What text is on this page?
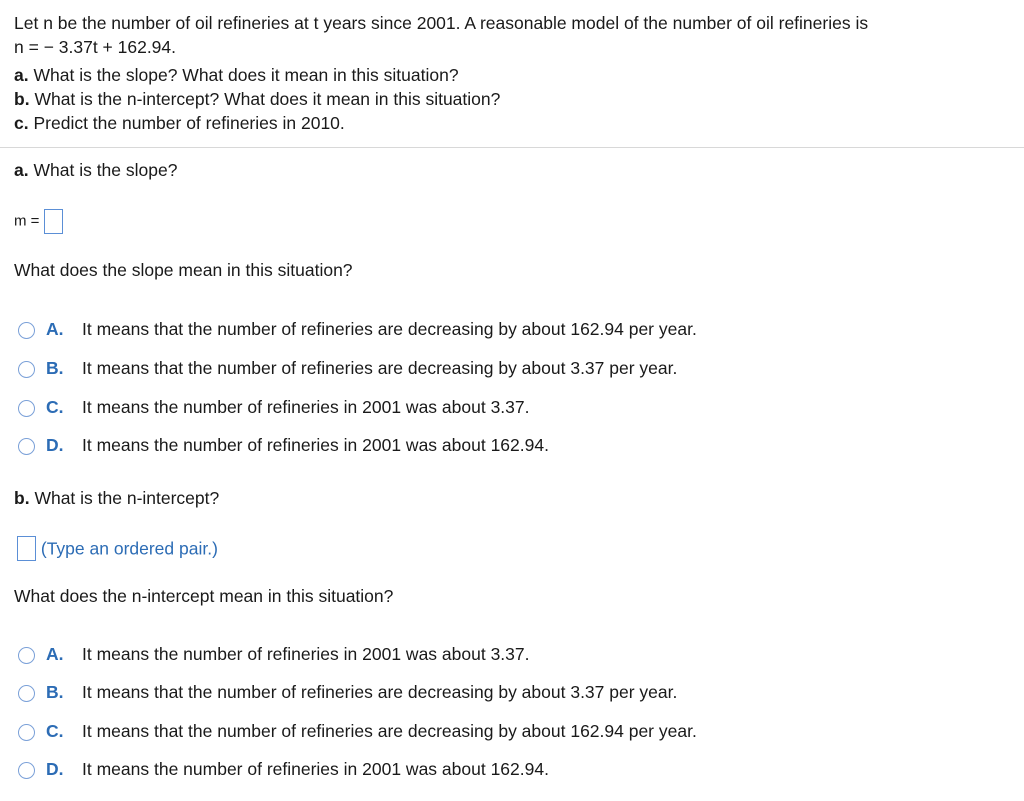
Let n be the number of oil refineries at t years since 2001. A reasonable model of the number of oil refineries is
n = − 3.37t + 162.94.
a. What is the slope? What does it mean in this situation?
b. What is the n-intercept? What does it mean in this situation?
c. Predict the number of refineries in 2010.
a. What is the slope?
m =
What does the slope mean in this situation?
A. It means that the number of refineries are decreasing by about 162.94 per year.
B. It means that the number of refineries are decreasing by about 3.37 per year.
C. It means the number of refineries in 2001 was about 3.37.
D. It means the number of refineries in 2001 was about 162.94.
b. What is the n-intercept?
(Type an ordered pair.)
What does the n-intercept mean in this situation?
A. It means the number of refineries in 2001 was about 3.37.
B. It means that the number of refineries are decreasing by about 3.37 per year.
C. It means that the number of refineries are decreasing by about 162.94 per year.
D. It means the number of refineries in 2001 was about 162.94.
